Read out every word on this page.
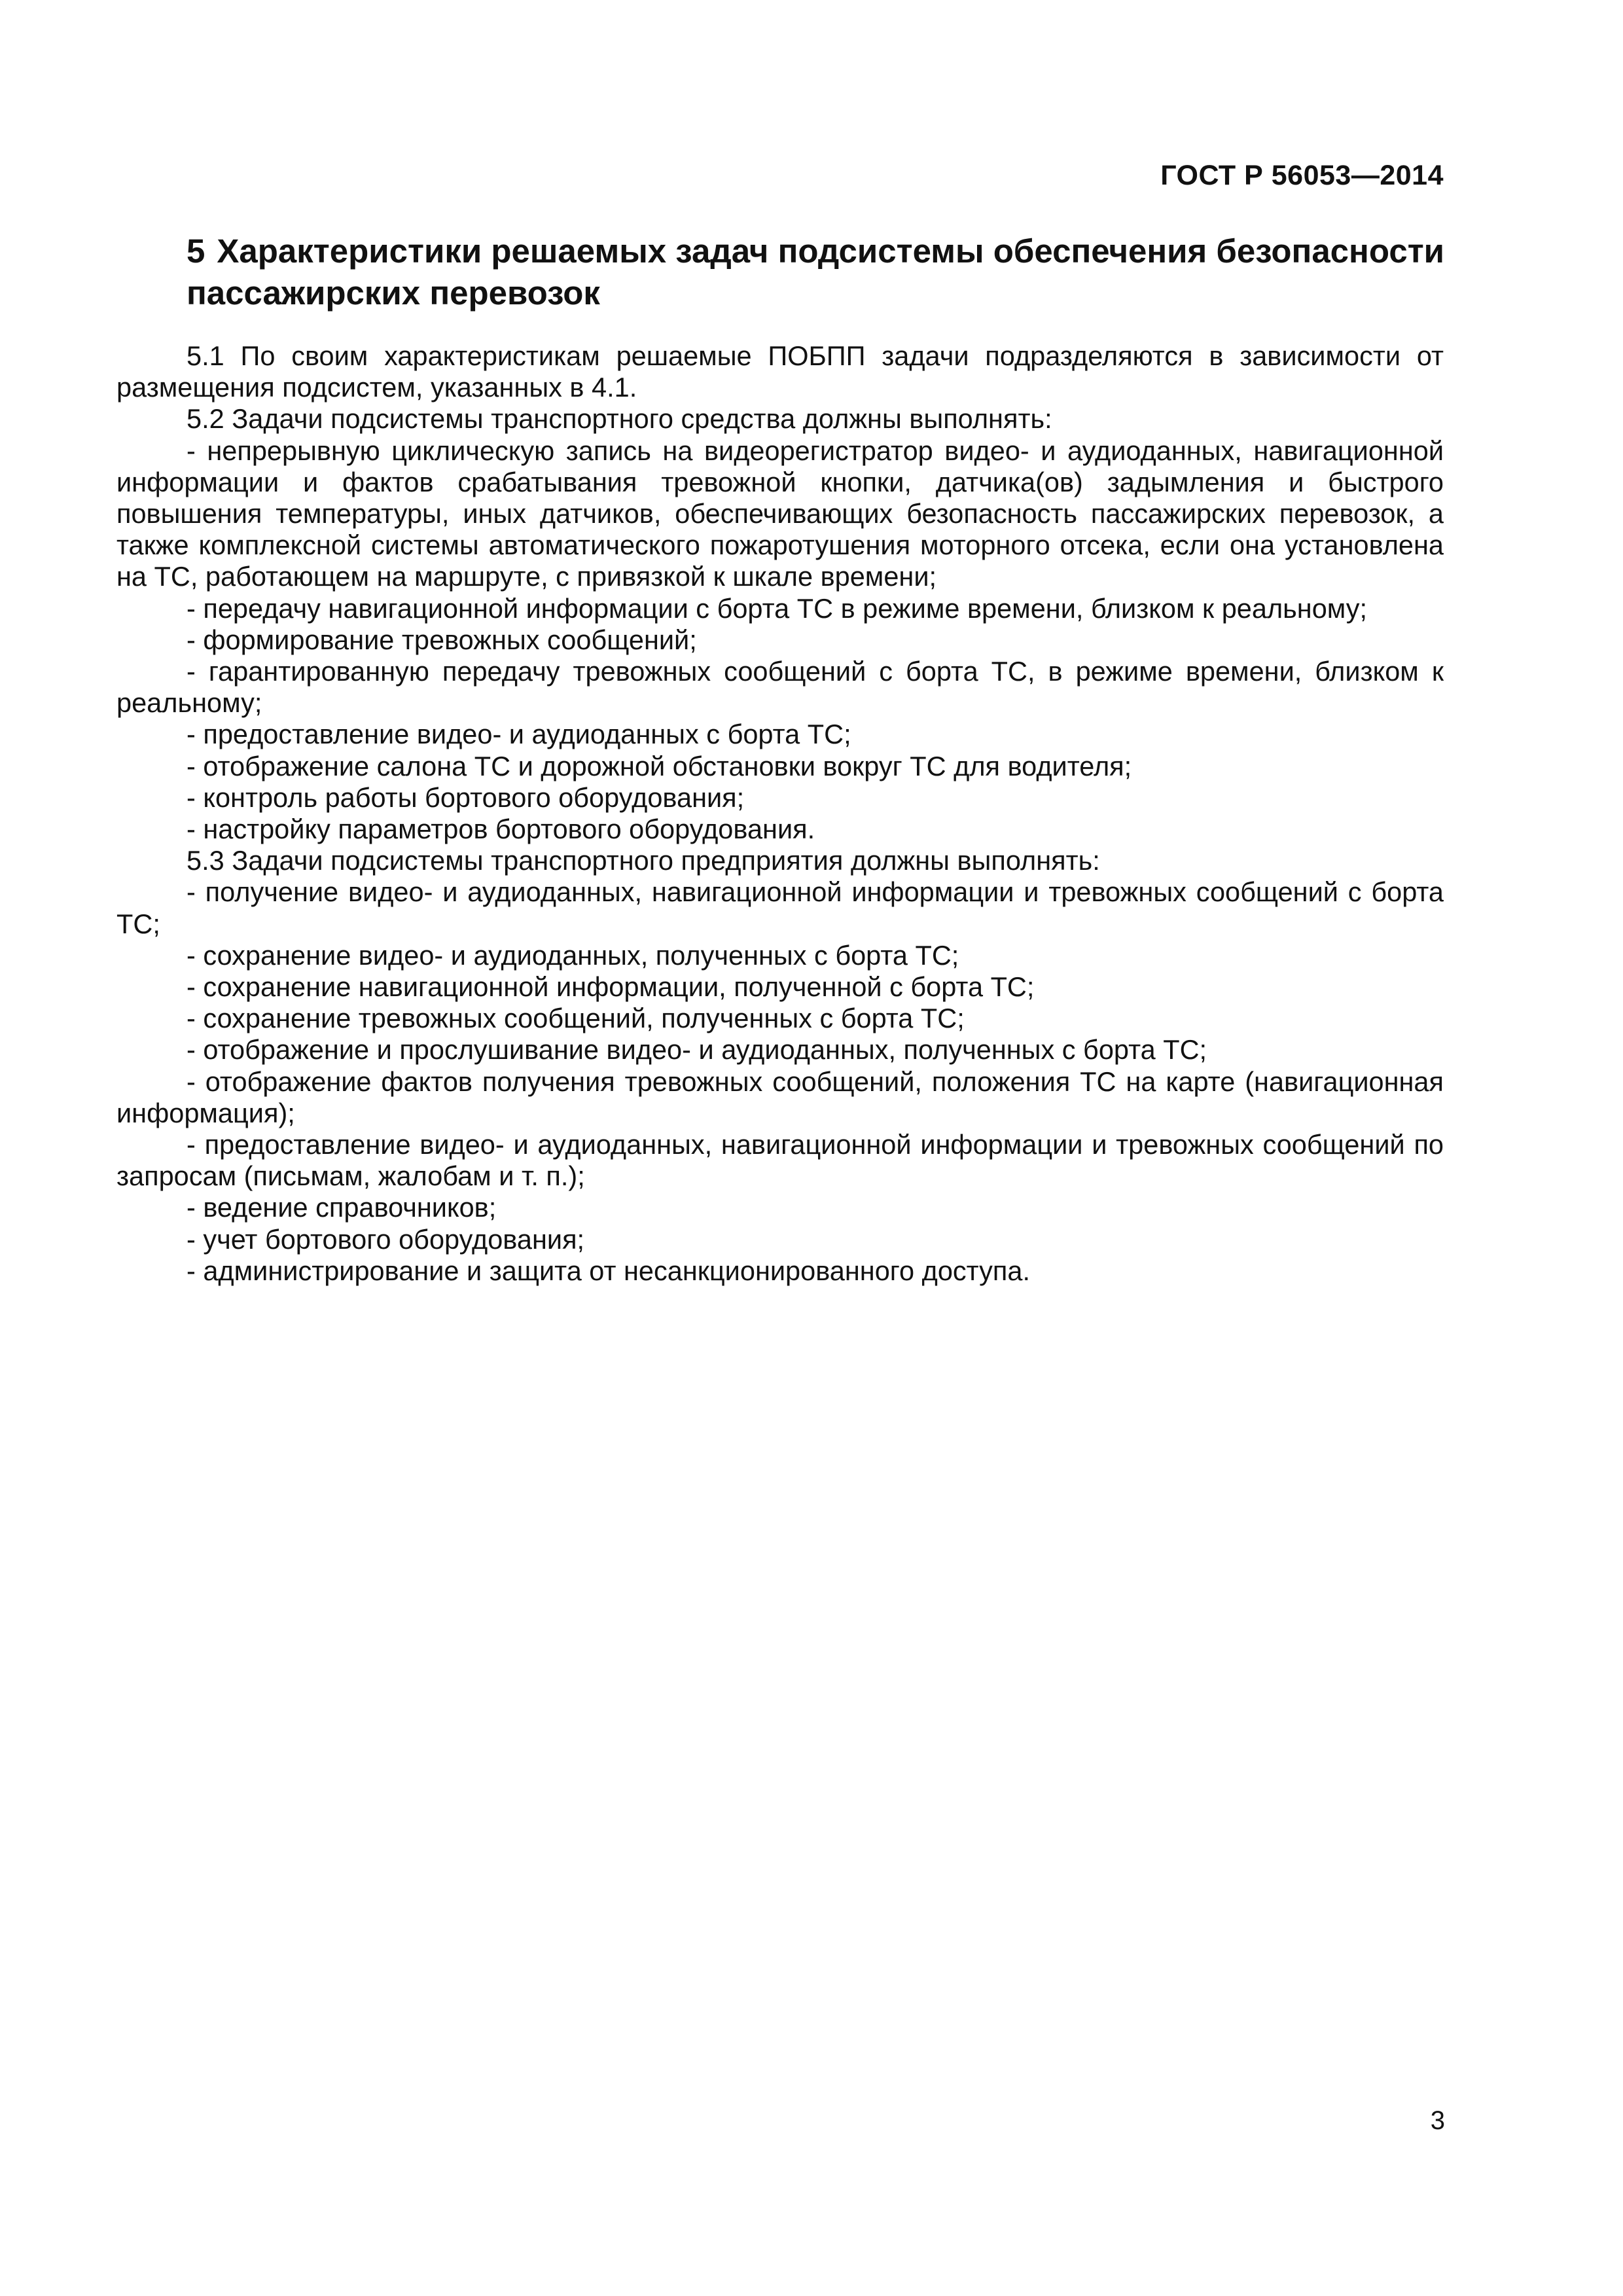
ГОСТ Р 56053—2014
5 Характеристики решаемых задач подсистемы обеспечения безопасности пассажирских перевозок

5.1 По своим характеристикам решаемые ПОБПП задачи подразделяются в зависимости от размещения подсистем, указанных в 4.1.

5.2 Задачи подсистемы транспортного средства должны выполнять:

- непрерывную циклическую запись на видеорегистратор видео- и аудиоданных, навигационной информации и фактов срабатывания тревожной кнопки, датчика(ов) задымления и быстрого повышения температуры, иных датчиков, обеспечивающих безопасность пассажирских перевозок, а также комплексной системы автоматического пожаротушения моторного отсека, если она установлена на ТС, работающем на маршруте, с привязкой к шкале времени;

- передачу навигационной информации с борта ТС в режиме времени, близком к реальному;

- формирование тревожных сообщений;

- гарантированную передачу тревожных сообщений с борта ТС, в режиме времени, близком к реальному;

- предоставление видео- и аудиоданных с борта ТС;

- отображение салона ТС и дорожной обстановки вокруг ТС для водителя;

- контроль работы бортового оборудования;

- настройку параметров бортового оборудования.

5.3 Задачи подсистемы транспортного предприятия должны выполнять:

- получение видео- и аудиоданных, навигационной информации и тревожных сообщений с борта ТС;

- сохранение видео- и аудиоданных, полученных с борта ТС;

- сохранение навигационной информации, полученной с борта ТС;

- сохранение тревожных сообщений, полученных с борта ТС;

- отображение и прослушивание видео- и аудиоданных, полученных с борта ТС;

- отображение фактов получения тревожных сообщений, положения ТС на карте (навигационная информация);

- предоставление видео- и аудиоданных, навигационной информации и тревожных сообщений по запросам (письмам, жалобам и т. п.);

- ведение справочников;

- учет бортового оборудования;

- администрирование и защита от несанкционированного доступа.

3
